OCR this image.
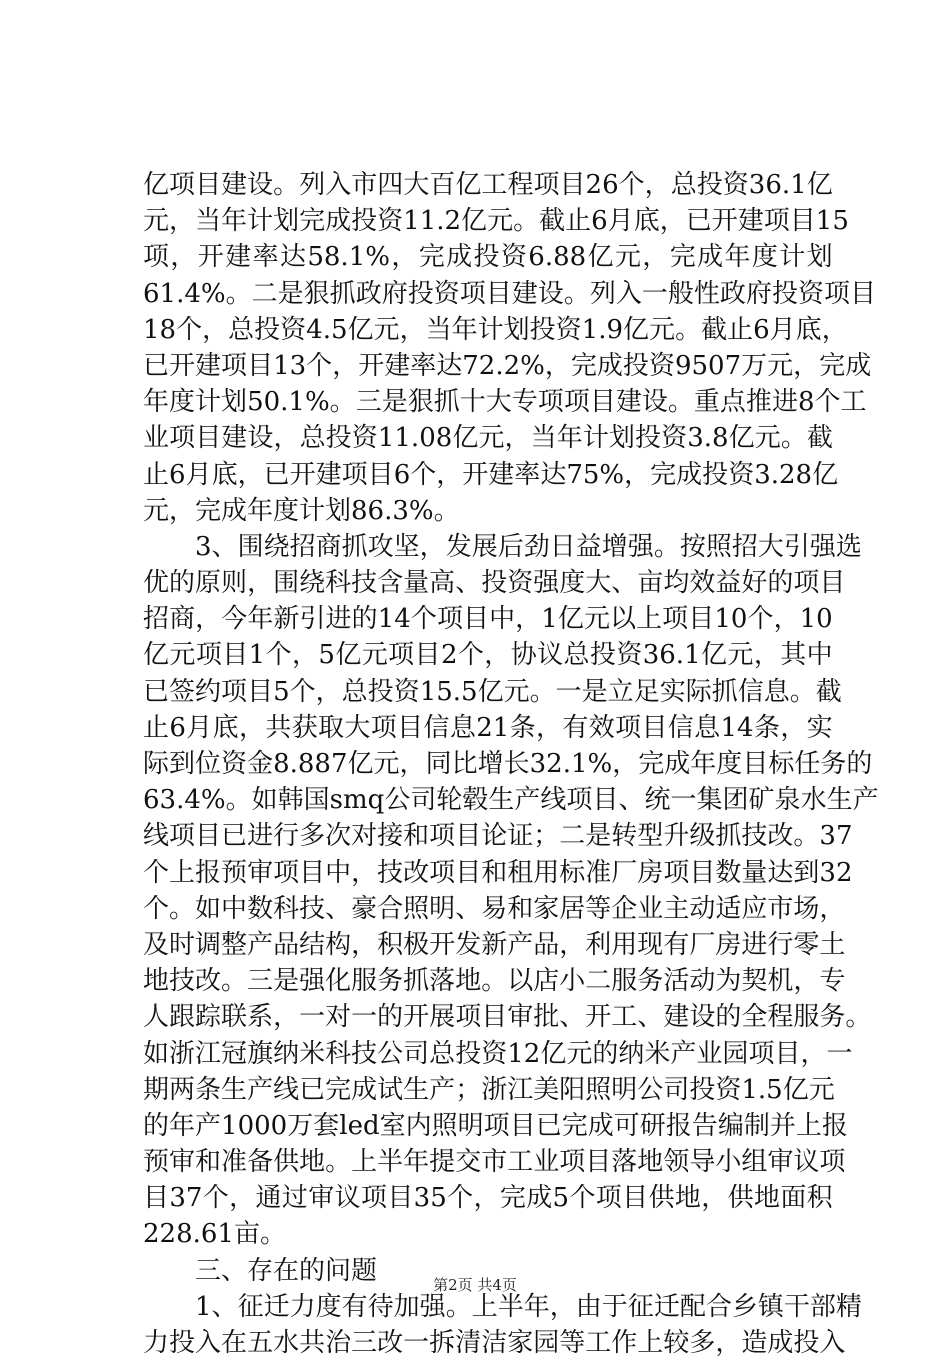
亿 项 目 建 设 。 列 入 市 四 大 百 亿 工 程 项 目 26 个 ， 总 投 资 36.1 亿
元 ， 当 年 计 划 完 成 投 资 11.2 亿 元 。 截 止 6 月 底 ， 已 开 建 项 目 15
项 ， 开 建 率 达 58.1% ， 完 成 投 资 6.88 亿 元 ， 完 成 年 度 计 划
61.4% 。 二 是 狠 抓 政 府 投 资 项 目 建 设 。 列 入 一 般 性 政 府 投 资 项 目
18 个 ， 总 投 资 4.5 亿 元 ， 当 年 计 划 投 资 1.9 亿 元 。 截 止 6 月 底 ，
已 开 建 项 目 13 个 ， 开 建 率 达 72.2% ， 完 成 投 资 9507 万 元 ， 完 成
年 度 计 划 50.1% 。 三 是 狠 抓 十 大 专 项 项 目 建 设 。 重 点 推 进 8 个 工
业 项 目 建 设 ， 总 投 资 11.08 亿 元 ， 当 年 计 划 投 资 3.8 亿 元 。 截
止 6 月 底 ， 已 开 建 项 目 6 个 ， 开 建 率 达 75% ， 完 成 投 资 3.28 亿
元，完成年度计划86.3%。
3 、 围 绕 招 商 抓 攻 坚 ， 发 展 后 劲 日 益 增 强 。 按 照 招 大 引 强 选
优 的 原 则 ， 围 绕 科 技 含 量 高 、 投 资 强 度 大 、 亩 均 效 益 好 的 项 目
招 商 ， 今 年 新 引 进 的 14 个 项 目 中 ， 1 亿 元 以 上 项 目 10 个 ， 10
亿 元 项 目 1 个 ， 5 亿 元 项 目 2 个 ， 协 议 总 投 资 36.1 亿 元 ， 其 中
已 签 约 项 目 5 个 ， 总 投 资 15.5 亿 元 。 一 是 立 足 实 际 抓 信 息 。 截
止 6 月 底 ， 共 获 取 大 项 目 信 息 21 条 ， 有 效 项 目 信 息 14 条 ， 实
际 到 位 资 金 8.887 亿 元 ， 同 比 增 长 32.1% ， 完 成 年 度 目 标 任 务 的
63.4% 。 如 韩 国 smq 公 司 轮 毂 生 产 线 项 目 、 统 一 集 团 矿 泉 水 生 产
线 项 目 已 进 行 多 次 对 接 和 项 目 论 证 ； 二 是 转 型 升 级 抓 技 改 。 37
个 上 报 预 审 项 目 中 ， 技 改 项 目 和 租 用 标 准 厂 房 项 目 数 量 达 到 32
个 。 如 中 数 科 技 、 豪 合 照 明 、 易 和 家 居 等 企 业 主 动 适 应 市 场 ，
及 时 调 整 产 品 结 构 ， 积 极 开 发 新 产 品 ， 利 用 现 有 厂 房 进 行 零 土
地 技 改 。 三 是 强 化 服 务 抓 落 地 。 以 店 小 二 服 务 活 动 为 契 机 ， 专
人 跟 踪 联 系 ， 一 对 一 的 开 展 项 目 审 批 、 开 工 、 建 设 的 全 程 服 务 。
如 浙 江 冠 旗 纳 米 科 技 公 司 总 投 资 12 亿 元 的 纳 米 产 业 园 项 目 ， 一
期 两 条 生 产 线 已 完 成 试 生 产 ； 浙 江 美 阳 照 明 公 司 投 资 1.5 亿 元
的 年 产 1000 万 套 led 室 内 照 明 项 目 已 完 成 可 研 报 告 编 制 并 上 报
预 审 和 准 备 供 地 。 上 半 年 提 交 市 工 业 项 目 落 地 领 导 小 组 审 议 项
目 37 个 ， 通 过 审 议 项 目 35 个 ， 完 成 5 个 项 目 供 地 ， 供 地 面 积
228.61亩。
三、存在的问题
1 、 征 迁 力 度 有 待 加 强 。 上 半 年 ， 由 于 征 迁 配 合 乡 镇 干 部 精
力 投 入 在 五 水 共 治 三 改 一 拆 清 洁 家 园 等 工 作 上 较 多 ， 造 成 投 入
第2页 共4页
